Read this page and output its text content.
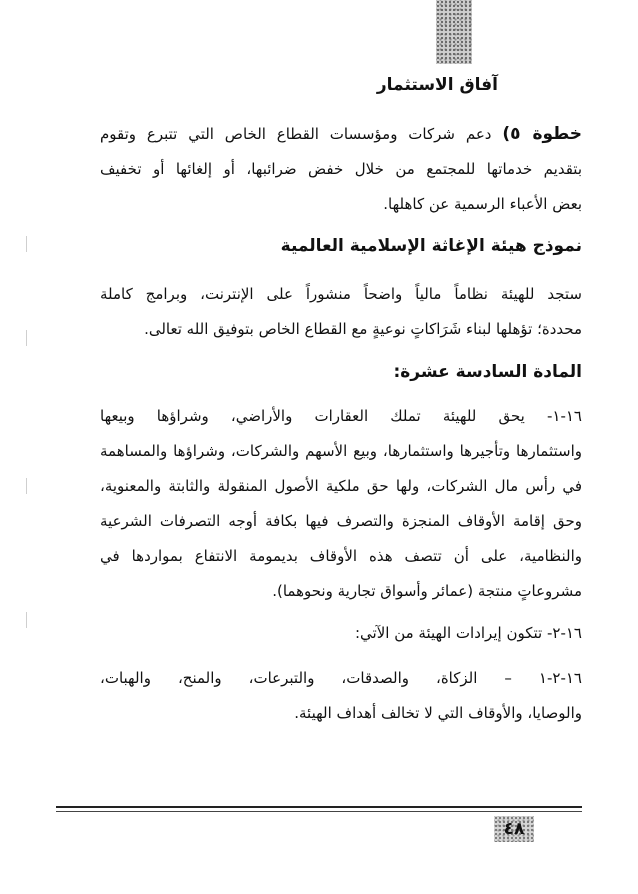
آفاق الاستثمار
خطوة ٥) دعم شركات ومؤسسات القطاع الخاص التي تتبرع وتقوم
بتقديم خدماتها للمجتمع من خلال خفض ضرائبها، أو إلغائها أو تخفيف
بعض الأعباء الرسمية عن كاهلها.
نموذج هيئة الإغاثة الإسلامية العالمية
ستجد للهيئة نظاماً مالياً واضحاً منشوراً على الإنترنت، وبرامج كاملة
محددة؛ تؤهلها لبناء شَرَاكاتٍ نوعيةٍ مع القطاع الخاص بتوفيق الله تعالى.
المادة السادسة عشرة:
١٦-١- يحق للهيئة تملك العقارات والأراضي، وشراؤها وبيعها
واستثمارها وتأجيرها واستثمارها، وبيع الأسهم والشركات، وشراؤها والمساهمة
في رأس مال الشركات، ولها حق ملكية الأصول المنقولة والثابتة والمعنوية،
وحق إقامة الأوقاف المنجزة والتصرف فيها بكافة أوجه التصرفات الشرعية
والنظامية، على أن تتصف هذه الأوقاف بديمومة الانتفاع بمواردها في
مشروعاتٍ منتجة (عمائر وأسواق تجارية ونحوهما).
١٦-٢- تتكون إيرادات الهيئة من الآتي:
١٦-٢-١ – الزكاة، والصدقات، والتبرعات، والمنح، والهبات،
والوصايا، والأوقاف التي لا تخالف أهداف الهيئة.
٤٨
